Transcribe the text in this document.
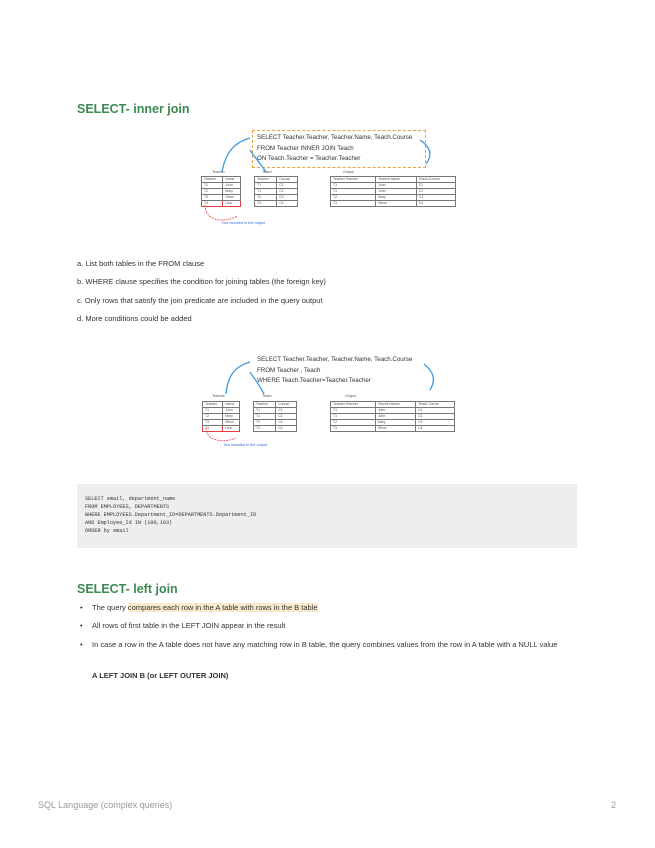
SELECT- inner join
SELECT Teacher.Teacher, Teacher.Name, Teach.Course
FROM Teacher INNER JOIN Teach
ON Teach.Teacher = Teacher.Teacher
Teacher
Teacher	Name
T1	John
T2	Mary
T3	Steve
T4	Lisa
Teach
Teacher	Course
T1	C1
T1	C2
T2	C3
T3	C4
Output
Teacher.Teacher	Teacher.Name	Teach.Course
T1	John	C1
T1	John	C2
T2	Mary	C3
T3	Steve	C4
Not included in the output
a. List both tables in the FROM clause
b. WHERE clause specifies the condition for joining tables (the foreign key)
c. Only rows that satisfy the join predicate are included in the query output
d. More conditions could be added
SELECT Teacher.Teacher, Teacher.Name, Teach.Course
FROM Teacher , Teach
WHERE Teach.Teacher=Teacher.Teacher
Teacher
Teacher	Name
T1	John
T2	Mary
T3	Steve
T4	Lisa
Teach
Teacher	Course
T1	C1
T1	C2
T2	C3
T3	C4
Output
Teacher.Teacher	Teacher.Name	Teach.Course
T1	John	C1
T1	John	C2
T2	Mary	C3
T3	Steve	C4
Not included in the output
SELECT email, department_name
FROM EMPLOYEES, DEPARTMENTS
WHERE EMPLOYEES.Department_ID=DEPARTMENTS.Department_ID
AND Employee_Id IN (100,103)
ORDER by email
SELECT- left join
• The query compares each row in the A table with rows in the B table
• All rows of first table in the LEFT JOIN appear in the result
• In case a row in the A table does not have any matching row in B table, the query combines values from the row in A table with a NULL value
A LEFT JOIN B (or LEFT OUTER JOIN)
SQL Language (complex queries)	2
